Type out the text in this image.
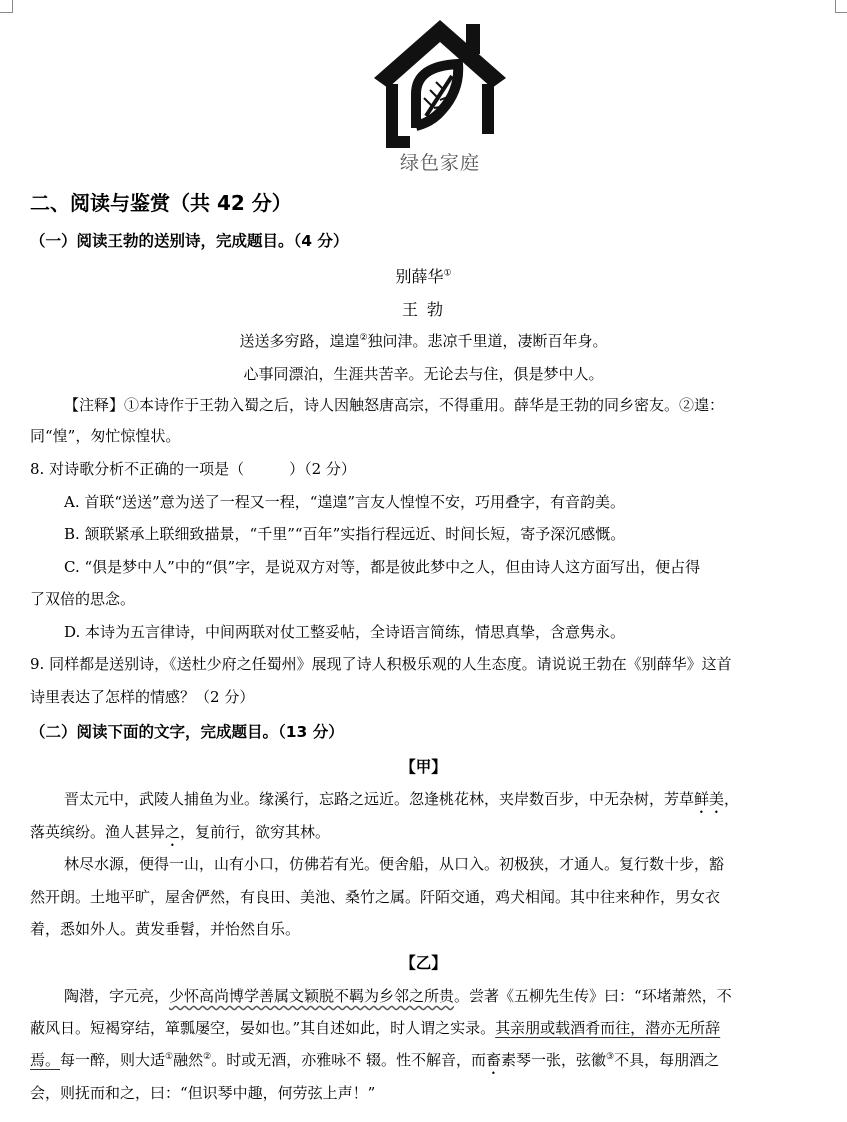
绿色家庭
二、阅读与鉴赏（共 42 分）
（一）阅读王勃的送别诗，完成题目。（4 分）
别薛华①
王 勃
送送多穷路，遑遑②独问津。悲凉千里道，凄断百年身。
心事同漂泊，生涯共苦辛。无论去与住，俱是梦中人。
【注释】①本诗作于王勃入蜀之后，诗人因触怒唐高宗，不得重用。薛华是王勃的同乡密友。②遑：
同“惶”，匆忙惊惶状。
8. 对诗歌分析不正确的一项是（　　　）（2 分）
A. 首联“送送”意为送了一程又一程，“遑遑”言友人惶惶不安，巧用叠字，有音韵美。
B. 颔联紧承上联细致描景，“千里”“百年”实指行程远近、时间长短，寄予深沉感慨。
C. “俱是梦中人”中的“俱”字，是说双方对等，都是彼此梦中之人，但由诗人这方面写出，便占得
了双倍的思念。
D. 本诗为五言律诗，中间两联对仗工整妥帖，全诗语言简练，情思真挚，含意隽永。
9. 同样都是送别诗，《送杜少府之任蜀州》展现了诗人积极乐观的人生态度。请说说王勃在《别薛华》这首
诗里表达了怎样的情感？（2 分）
（二）阅读下面的文字，完成题目。（13 分）
【甲】
晋太元中，武陵人捕鱼为业。缘溪行，忘路之远近。忽逢桃花林，夹岸数百步，中无杂树，芳草鲜美，
落英缤纷。渔人甚异之，复前行，欲穷其林。
林尽水源，便得一山，山有小口，仿佛若有光。便舍船，从口入。初极狭，才通人。复行数十步，豁
然开朗。土地平旷，屋舍俨然，有良田、美池、桑竹之属。阡陌交通，鸡犬相闻。其中往来种作，男女衣
着，悉如外人。黄发垂髫，并怡然自乐。
【乙】
陶潜，字元亮，少怀高尚博学善属文颖脱不羁为乡邻之所贵。尝著《五柳先生传》曰：“环堵萧然，不
蔽风日。短褐穿结，箪瓢屡空，晏如也。”其自述如此，时人谓之实录。其亲朋或载酒肴而往，潜亦无所辞
焉。每一醉，则大适①融然②。时或无酒，亦雅咏不 辍。性不解音，而畜素琴一张，弦徽③不具，每朋酒之
会，则抚而和之，曰：“但识琴中趣，何劳弦上声！”
